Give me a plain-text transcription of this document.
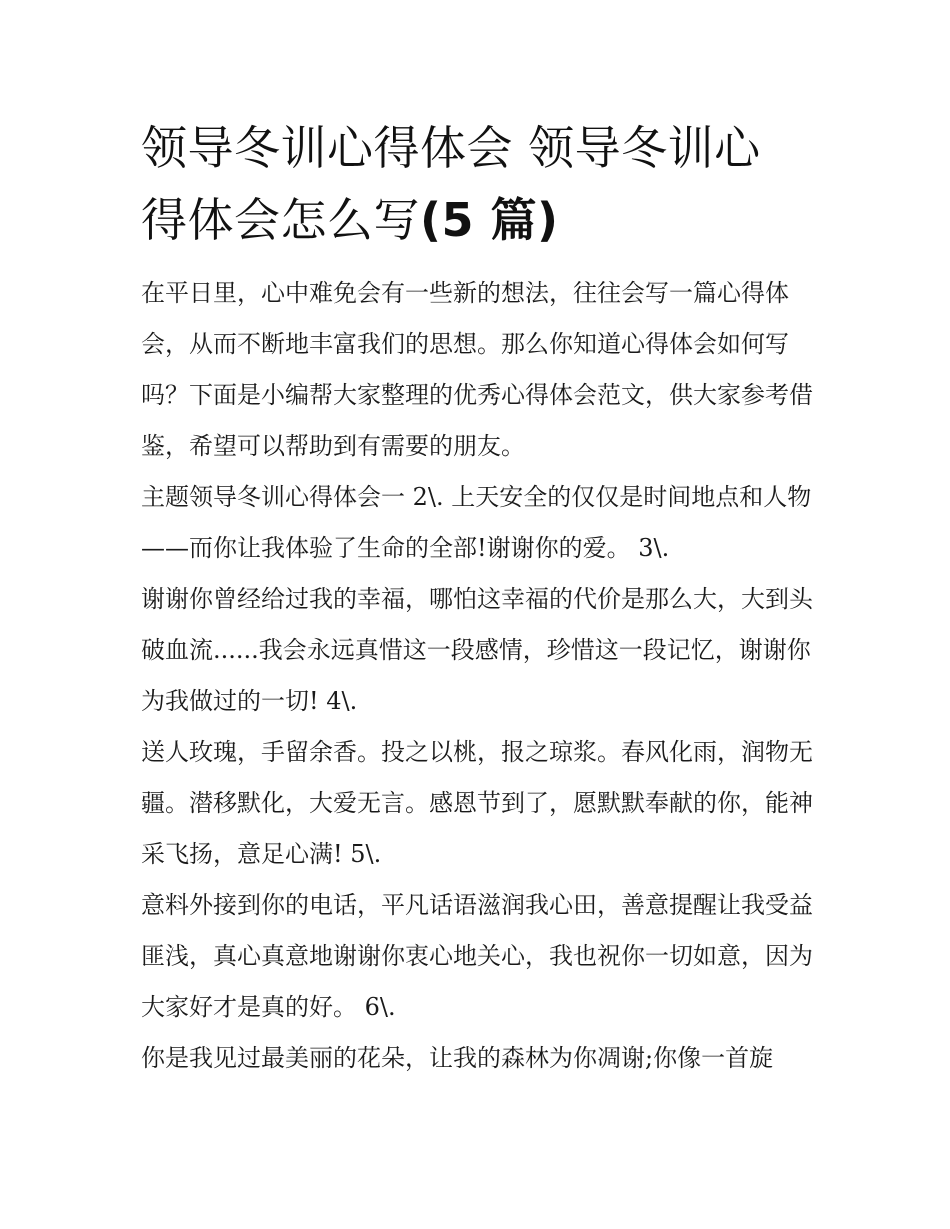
领导冬训心得体会 领导冬训心
得体会怎么写(5 篇)

在平日里，心中难免会有一些新的想法，往往会写一篇心得体会，从而不断地丰富我们的思想。那么你知道心得体会如何写吗？下面是小编帮大家整理的优秀心得体会范文，供大家参考借鉴，希望可以帮助到有需要的朋友。

主题领导冬训心得体会一 2\. 上天安全的仅仅是时间地点和人物——而你让我体验了生命的全部!谢谢你的爱。 3\.

谢谢你曾经给过我的幸福，哪怕这幸福的代价是那么大，大到头破血流......我会永远真惜这一段感情，珍惜这一段记忆，谢谢你为我做过的一切! 4\.

送人玫瑰，手留余香。投之以桃，报之琼浆。春风化雨，润物无疆。潜移默化，大爱无言。感恩节到了，愿默默奉献的你，能神采飞扬，意足心满! 5\.

意料外接到你的电话，平凡话语滋润我心田，善意提醒让我受益匪浅，真心真意地谢谢你衷心地关心，我也祝你一切如意，因为大家好才是真的好。 6\.

你是我见过最美丽的花朵，让我的森林为你凋谢;你像一首旋
